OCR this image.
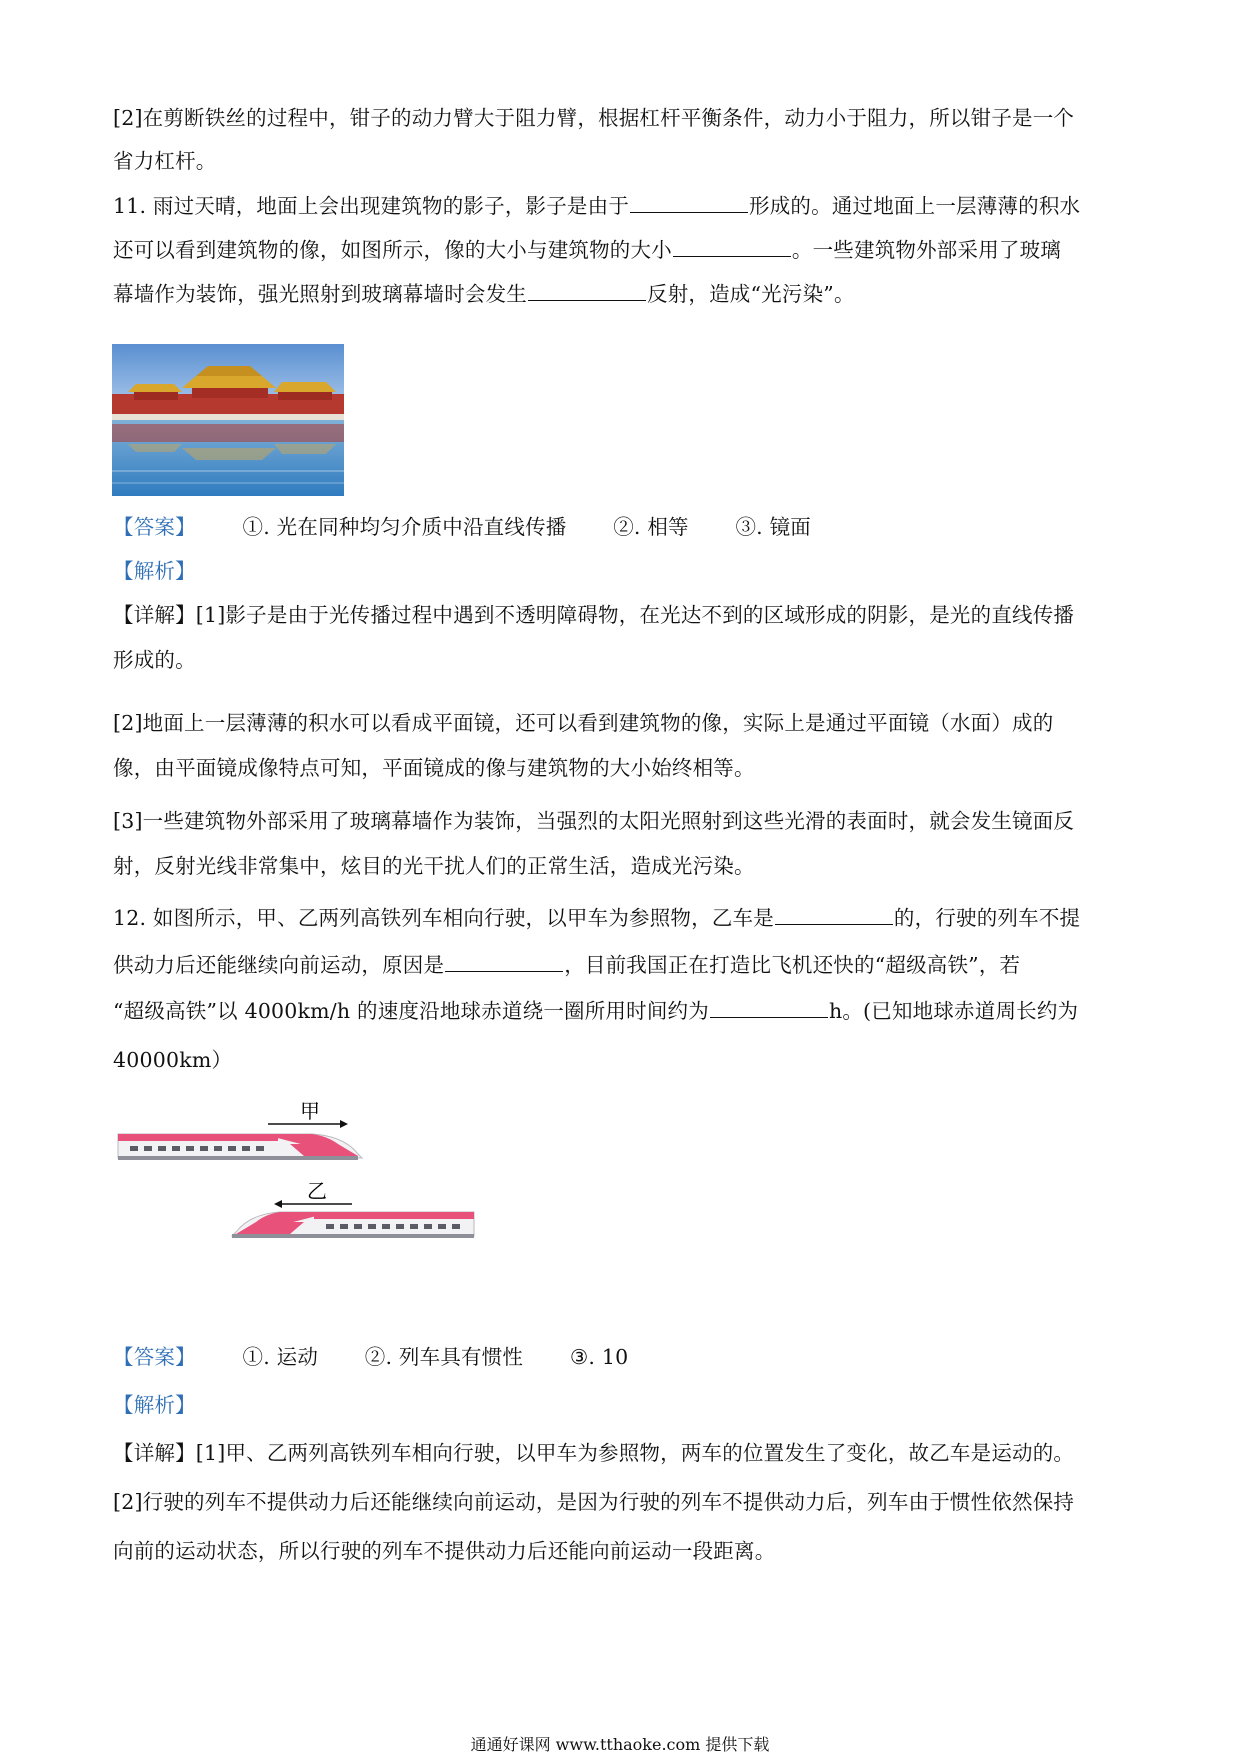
[2]在剪断铁丝的过程中，钳子的动力臂大于阻力臂，根据杠杆平衡条件，动力小于阻力，所以钳子是一个
省力杠杆。
11. 雨过天晴，地面上会出现建筑物的影子，影子是由于	形成的。通过地面上一层薄薄的积水
还可以看到建筑物的像，如图所示，像的大小与建筑物的大小	。一些建筑物外部采用了玻璃
幕墙作为装饰，强光照射到玻璃幕墙时会发生	反射，造成“光污染”。
【答案】 ①. 光在同种均匀介质中沿直线传播 ②. 相等 ③. 镜面
【解析】
【详解】[1]影子是由于光传播过程中遇到不透明障碍物，在光达不到的区域形成的阴影，是光的直线传播
形成的。
[2]地面上一层薄薄的积水可以看成平面镜，还可以看到建筑物的像，实际上是通过平面镜（水面）成的
像，由平面镜成像特点可知，平面镜成的像与建筑物的大小始终相等。
[3]一些建筑物外部采用了玻璃幕墙作为装饰，当强烈的太阳光照射到这些光滑的表面时，就会发生镜面反
射，反射光线非常集中，炫目的光干扰人们的正常生活，造成光污染。
12. 如图所示，甲、乙两列高铁列车相向行驶，以甲车为参照物，乙车是	的，行驶的列车不提
供动力后还能继续向前运动，原因是	，目前我国正在打造比飞机还快的“超级高铁”，若
“超级高铁”以 4000km/h 的速度沿地球赤道绕一圈所用时间约为	h。(已知地球赤道周长约为
40000km）
甲
乙
【答案】 ①. 运动 ②. 列车具有惯性 ③. 10
【解析】
【详解】[1]甲、乙两列高铁列车相向行驶，以甲车为参照物，两车的位置发生了变化，故乙车是运动的。
[2]行驶的列车不提供动力后还能继续向前运动，是因为行驶的列车不提供动力后，列车由于惯性依然保持
向前的运动状态，所以行驶的列车不提供动力后还能向前运动一段距离。
通通好课网 www.tthaoke.com 提供下载
